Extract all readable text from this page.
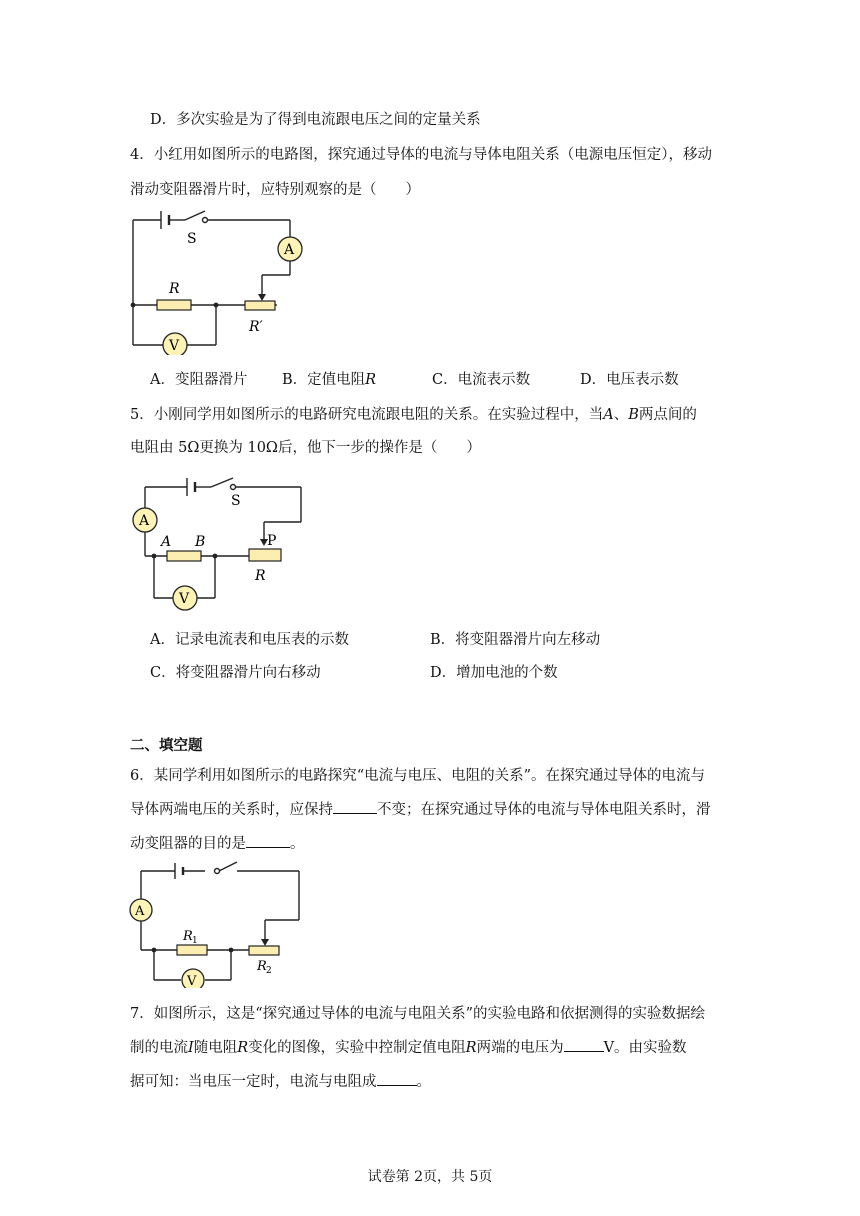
D．多次实验是为了得到电流跟电压之间的定量关系
4．小红用如图所示的电路图，探究通过导体的电流与导体电阻关系（电源电压恒定），移动
滑动变阻器滑片时，应特别观察的是（　　）
A
V
S
R
R′
A．变阻器滑片 B．定值电阻R	C．电流表示数	D．电压表示数
5．小刚同学用如图所示的电路研究电流跟电阻的关系。在实验过程中，当A、B两点间的
电阻由 5Ω更换为 10Ω后，他下一步的操作是（　　）
A
V
S
A B	P
R
A．记录电流表和电压表的示数	B．将变阻器滑片向左移动
C．将变阻器滑片向右移动	D．增加电池的个数
二、填空题
6．某同学利用如图所示的电路探究“电流与电压、电阻的关系”。在探究通过导体的电流与
导体两端电压的关系时，应保持	不变；在探究通过导体的电流与导体电阻关系时，滑
动变阻器的目的是	。
A
V
R 1
R 2
7．如图所示，这是“探究通过导体的电流与电阻关系”的实验电路和依据测得的实验数据绘
制的电流I随电阻R变化的图像，实验中控制定值电阻R两端的电压为	V。由实验数
据可知：当电压一定时，电流与电阻成	。
试卷第 2页，共 5页
